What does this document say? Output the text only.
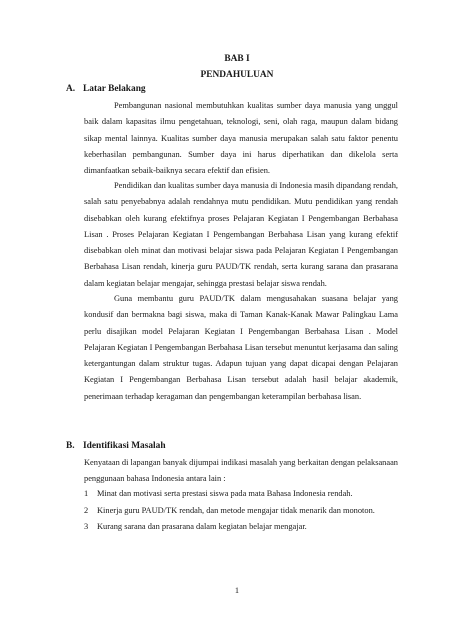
BAB I
PENDAHULUAN
A. Latar Belakang

Pembangunan nasional membutuhkan kualitas sumber daya manusia yang unggul baik dalam kapasitas ilmu pengetahuan, teknologi, seni, olah raga, maupun dalam bidang sikap mental lainnya. Kualitas sumber daya manusia merupakan salah satu faktor penentu keberhasilan pembangunan. Sumber daya ini harus diperhatikan dan dikelola serta dimanfaatkan sebaik-baiknya secara efektif dan efisien.

Pendidikan dan kualitas sumber daya manusia di Indonesia masih dipandang rendah, salah satu penyebabnya adalah rendahnya mutu pendidikan. Mutu pendidikan yang rendah disebabkan oleh kurang efektifnya proses Pelajaran Kegiatan I Pengembangan Berbahasa Lisan . Proses Pelajaran Kegiatan I Pengembangan Berbahasa Lisan yang kurang efektif disebabkan oleh minat dan motivasi belajar siswa pada Pelajaran Kegiatan I Pengembangan Berbahasa Lisan rendah, kinerja guru PAUD/TK rendah, serta kurang sarana dan prasarana dalam kegiatan belajar mengajar, sehingga prestasi belajar siswa rendah.

Guna membantu guru PAUD/TK dalam mengusahakan suasana belajar yang kondusif dan bermakna bagi siswa, maka di Taman Kanak-Kanak Mawar Palingkau Lama perlu disajikan model Pelajaran Kegiatan I Pengembangan Berbahasa Lisan . Model Pelajaran Kegiatan I Pengembangan Berbahasa Lisan tersebut menuntut kerjasama dan saling ketergantungan dalam struktur tugas. Adapun tujuan yang dapat dicapai dengan Pelajaran Kegiatan I Pengembangan Berbahasa Lisan tersebut adalah hasil belajar akademik, penerimaan terhadap keragaman dan pengembangan keterampilan berbahasa lisan.

B. Identifikasi Masalah

Kenyataan di lapangan banyak dijumpai indikasi masalah yang berkaitan dengan pelaksanaan penggunaan bahasa Indonesia antara lain :

1 Minat dan motivasi serta prestasi siswa pada mata Bahasa Indonesia rendah.
2 Kinerja guru PAUD/TK rendah, dan metode mengajar tidak menarik dan monoton.
3 Kurang sarana dan prasarana dalam kegiatan belajar mengajar.
1
